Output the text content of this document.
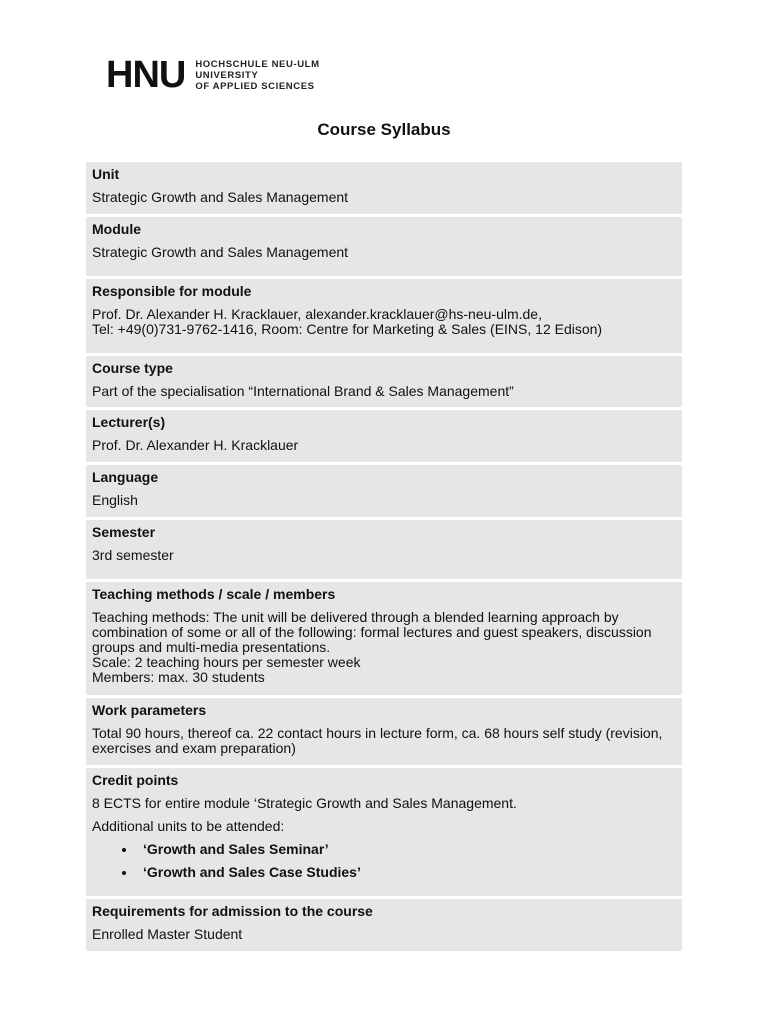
HNU HOCHSCHULE NEU-ULM
UNIVERSITY
OF APPLIED SCIENCES
Course Syllabus
Unit
Strategic Growth and Sales Management
Module
Strategic Growth and Sales Management
Responsible for module
Prof. Dr. Alexander H. Kracklauer, alexander.kracklauer@hs-neu-ulm.de,
Tel: +49(0)731-9762-1416, Room: Centre for Marketing & Sales (EINS, 12 Edison)
Course type
Part of the specialisation “International Brand & Sales Management”
Lecturer(s)
Prof. Dr. Alexander H. Kracklauer
Language
English
Semester
3rd semester
Teaching methods / scale / members
Teaching methods: The unit will be delivered through a blended learning approach by
combination of some or all of the following: formal lectures and guest speakers, discussion
groups and multi-media presentations.
Scale: 2 teaching hours per semester week
Members: max. 30 students
Work parameters
Total 90 hours, thereof ca. 22 contact hours in lecture form, ca. 68 hours self study (revision,
exercises and exam preparation)
Credit points
8 ECTS for entire module ‘Strategic Growth and Sales Management.
Additional units to be attended:
• ‘Growth and Sales Seminar’
• ‘Growth and Sales Case Studies’
Requirements for admission to the course
Enrolled Master Student
